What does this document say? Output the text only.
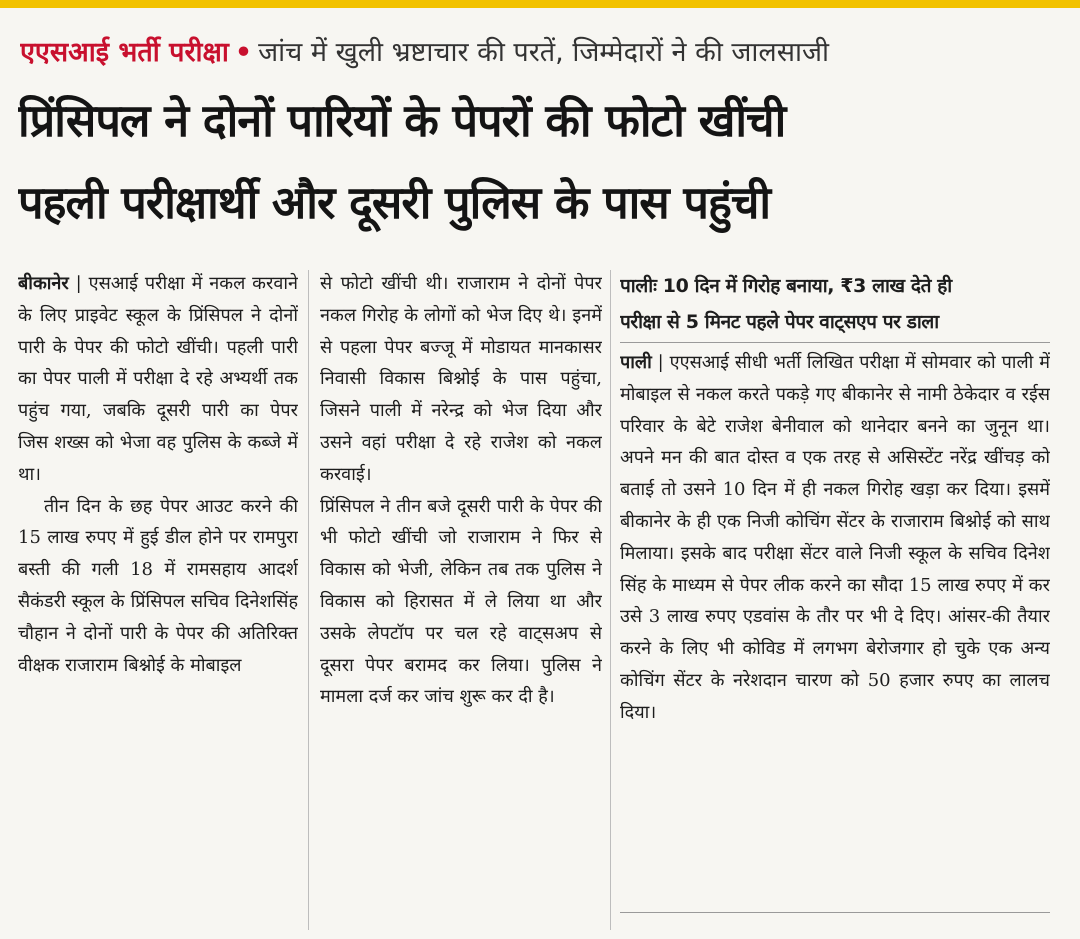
एएसआई भर्ती परीक्षा • जांच में खुली भ्रष्टाचार की परतें, जिम्मेदारों ने की जालसाजी
प्रिंसिपल ने दोनों पारियों के पेपरों की फोटो खींची
पहली परीक्षार्थी और दूसरी पुलिस के पास पहुंची

बीकानेर | एसआई परीक्षा में नकल करवाने के लिए प्राइवेट स्कूल के प्रिंसिपल ने दोनों पारी के पेपर की फोटो खींची। पहली पारी का पेपर पाली में परीक्षा दे रहे अभ्यर्थी तक पहुंच गया, जबकि दूसरी पारी का पेपर जिस शख्स को भेजा वह पुलिस के कब्जे में था।

तीन दिन के छह पेपर आउट करने की 15 लाख रुपए में हुई डील होने पर रामपुरा बस्ती की गली 18 में रामसहाय आदर्श सैकंडरी स्कूल के प्रिंसिपल सचिव दिनेशसिंह चौहान ने दोनों पारी के पेपर की अतिरिक्त वीक्षक राजाराम बिश्नोई के मोबाइल

से फोटो खींची थी। राजाराम ने दोनों पेपर नकल गिरोह के लोगों को भेज दिए थे। इनमें से पहला पेपर बज्जू में मोडायत मानकासर निवासी विकास बिश्नोई के पास पहुंचा, जिसने पाली में नरेन्द्र को भेज दिया और उसने वहां परीक्षा दे रहे राजेश को नकल करवाई।

प्रिंसिपल ने तीन बजे दूसरी पारी के पेपर की भी फोटो खींची जो राजाराम ने फिर से विकास को भेजी, लेकिन तब तक पुलिस ने विकास को हिरासत में ले लिया था और उसके लेपटॉप पर चल रहे वाट्सअप से दूसरा पेपर बरामद कर लिया। पुलिस ने मामला दर्ज कर जांच शुरू कर दी है।

पालीः 10 दिन में गिरोह बनाया, ₹3 लाख देते ही
परीक्षा से 5 मिनट पहले पेपर वाट्सएप पर डाला

पाली | एएसआई सीधी भर्ती लिखित परीक्षा में सोमवार को पाली में मोबाइल से नकल करते पकड़े गए बीकानेर से नामी ठेकेदार व रईस परिवार के बेटे राजेश बेनीवाल को थानेदार बनने का जुनून था। अपने मन की बात दोस्त व एक तरह से असिस्टेंट नरेंद्र खींचड़ को बताई तो उसने 10 दिन में ही नकल गिरोह खड़ा कर दिया। इसमें बीकानेर के ही एक निजी कोचिंग सेंटर के राजाराम बिश्नोई को साथ मिलाया। इसके बाद परीक्षा सेंटर वाले निजी स्कूल के सचिव दिनेश सिंह के माध्यम से पेपर लीक करने का सौदा 15 लाख रुपए में कर उसे 3 लाख रुपए एडवांस के तौर पर भी दे दिए। आंसर-की तैयार करने के लिए भी कोविड में लगभग बेरोजगार हो चुके एक अन्य कोचिंग सेंटर के नरेशदान चारण को 50 हजार रुपए का लालच दिया।
